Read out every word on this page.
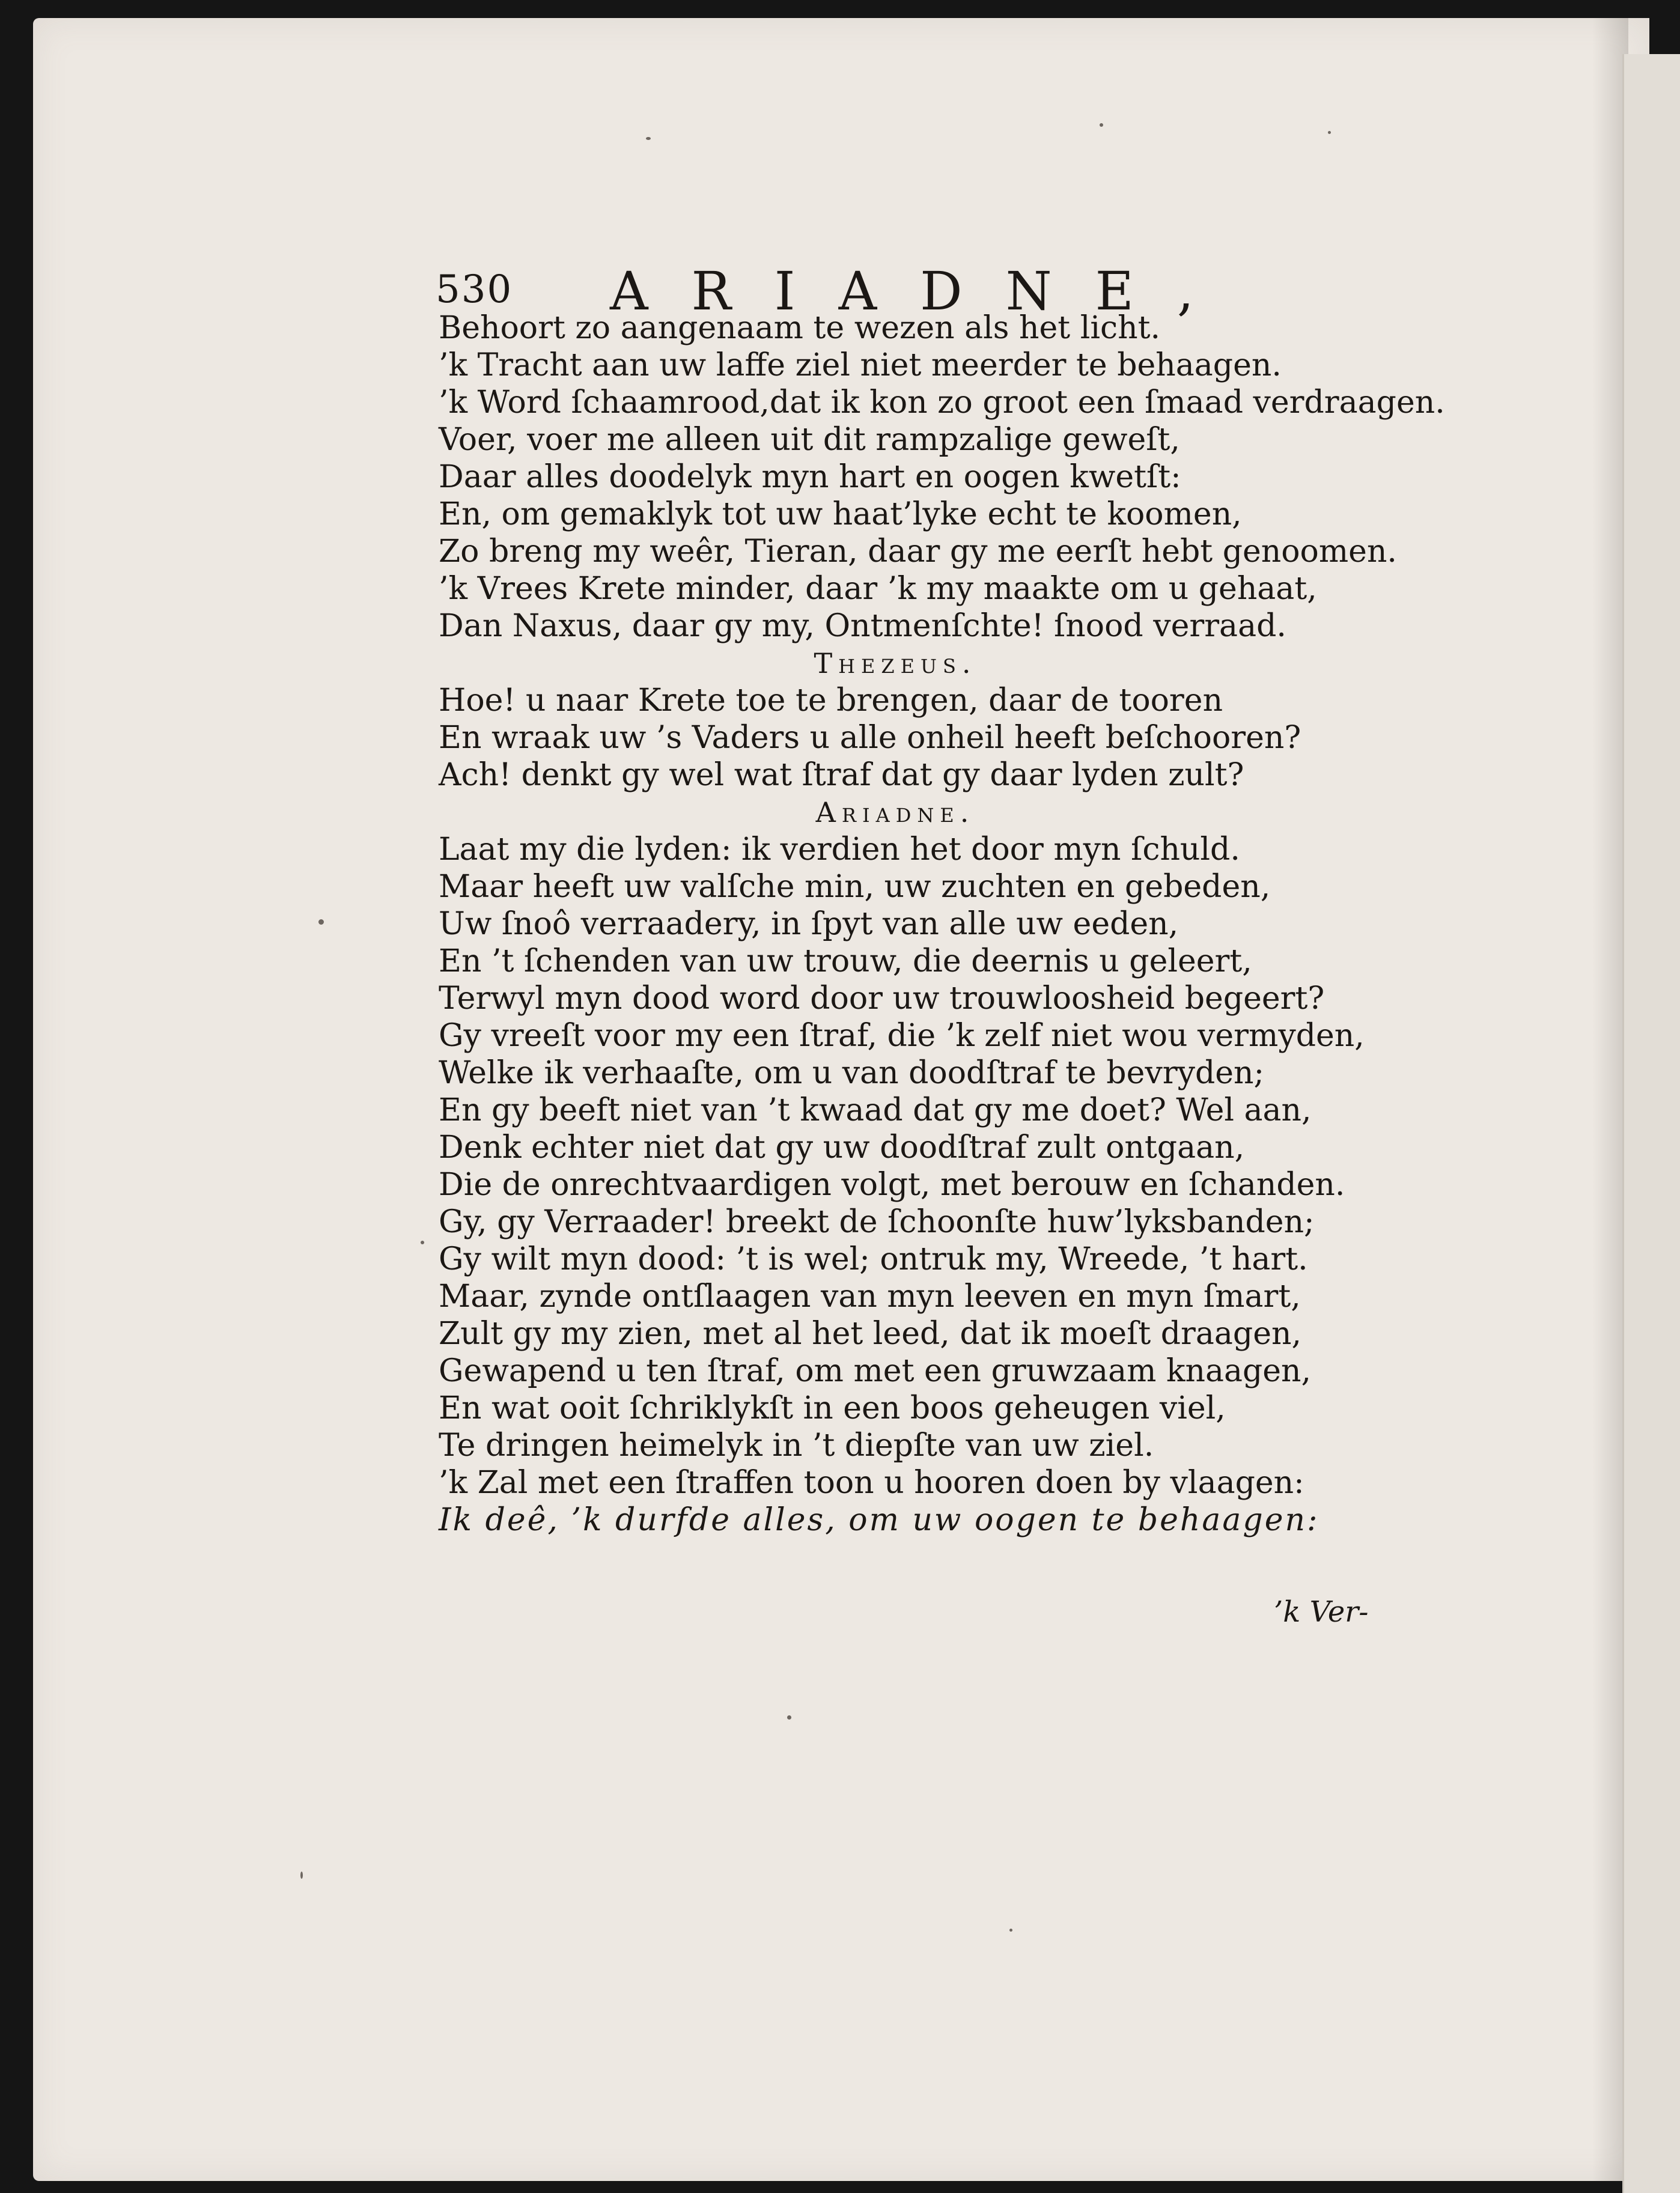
530 ARIADNE,
Behoort zo aangenaam te wezen als het licht.
’k Tracht aan uw laffe ziel niet meerder te behaagen.
’k Word ſchaamrood,dat ik kon zo groot een ſmaad verdraagen.
Voer, voer me alleen uit dit rampzalige geweſt,
Daar alles doodelyk myn hart en oogen kwetſt:
En, om gemaklyk tot uw haat’lyke echt te koomen,
Zo breng my weêr, Tieran, daar gy me eerſt hebt genoomen.
’k Vrees Krete minder, daar ’k my maakte om u gehaat,
Dan Naxus, daar gy my, Ontmenſchte! ſnood verraad.
Thezeus.
Hoe! u naar Krete toe te brengen, daar de tooren
En wraak uw ’s Vaders u alle onheil heeft beſchooren?
Ach! denkt gy wel wat ſtraf dat gy daar lyden zult?
Ariadne.
Laat my die lyden: ik verdien het door myn ſchuld.
Maar heeft uw valſche min, uw zuchten en gebeden,
Uw ſnoô verraadery, in ſpyt van alle uw eeden,
En ’t ſchenden van uw trouw, die deernis u geleert,
Terwyl myn dood word door uw trouwloosheid begeert?
Gy vreeſt voor my een ſtraf, die ’k zelf niet wou vermyden,
Welke ik verhaaſte, om u van doodſtraf te bevryden;
En gy beeft niet van ’t kwaad dat gy me doet? Wel aan,
Denk echter niet dat gy uw doodſtraf zult ontgaan,
Die de onrechtvaardigen volgt, met berouw en ſchanden.
Gy, gy Verraader! breekt de ſchoonſte huw’lyksbanden;
Gy wilt myn dood: ’t is wel; ontruk my, Wreede, ’t hart.
Maar, zynde ontſlaagen van myn leeven en myn ſmart,
Zult gy my zien, met al het leed, dat ik moeſt draagen,
Gewapend u ten ſtraf, om met een gruwzaam knaagen,
En wat ooit ſchriklykſt in een boos geheugen viel,
Te dringen heimelyk in ’t diepſte van uw ziel.
’k Zal met een ſtraffen toon u hooren doen by vlaagen:
Ik deê, ’k durfde alles, om uw oogen te behaagen:
’k Ver-
